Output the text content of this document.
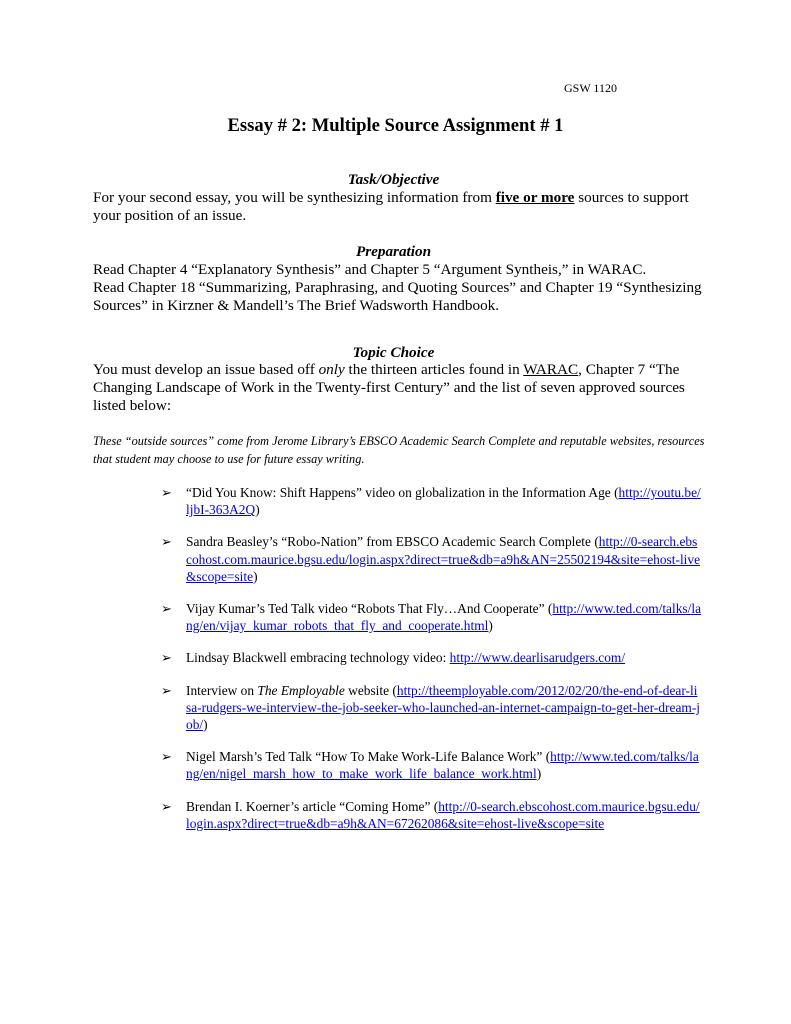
GSW 1120
Essay # 2: Multiple Source Assignment # 1
Task/Objective
For your second essay, you will be synthesizing information from five or more sources to support your position of an issue.
Preparation
Read Chapter 4 “Explanatory Synthesis” and Chapter 5 “Argument Syntheis,” in WARAC.
Read Chapter 18 “Summarizing, Paraphrasing, and Quoting Sources” and Chapter 19 “Synthesizing Sources” in Kirzner & Mandell’s The Brief Wadsworth Handbook.
Topic Choice
You must develop an issue based off only the thirteen articles found in WARAC, Chapter 7 “The Changing Landscape of Work in the Twenty-first Century” and the list of seven approved sources listed below:
These “outside sources” come from Jerome Library’s EBSCO Academic Search Complete and reputable websites, resources that student may choose to use for future essay writing.
➢ “Did You Know: Shift Happens” video on globalization in the Information Age (http://youtu.be/ljbI-363A2Q)
➢ Sandra Beasley’s “Robo-Nation” from EBSCO Academic Search Complete (http://0-search.ebscohost.com.maurice.bgsu.edu/login.aspx?direct=true&db=a9h&AN=25502194&site=ehost-live&scope=site)
➢ Vijay Kumar’s Ted Talk video “Robots That Fly…And Cooperate” (http://www.ted.com/talks/lang/en/vijay_kumar_robots_that_fly_and_cooperate.html)
➢ Lindsay Blackwell embracing technology video: http://www.dearlisarudgers.com/
➢ Interview on The Employable website (http://theemployable.com/2012/02/20/the-end-of-dear-lisa-rudgers-we-interview-the-job-seeker-who-launched-an-internet-campaign-to-get-her-dream-job/)
➢ Nigel Marsh’s Ted Talk “How To Make Work-Life Balance Work” (http://www.ted.com/talks/lang/en/nigel_marsh_how_to_make_work_life_balance_work.html)
➢ Brendan I. Koerner’s article “Coming Home” (http://0-search.ebscohost.com.maurice.bgsu.edu/login.aspx?direct=true&db=a9h&AN=67262086&site=ehost-live&scope=site
